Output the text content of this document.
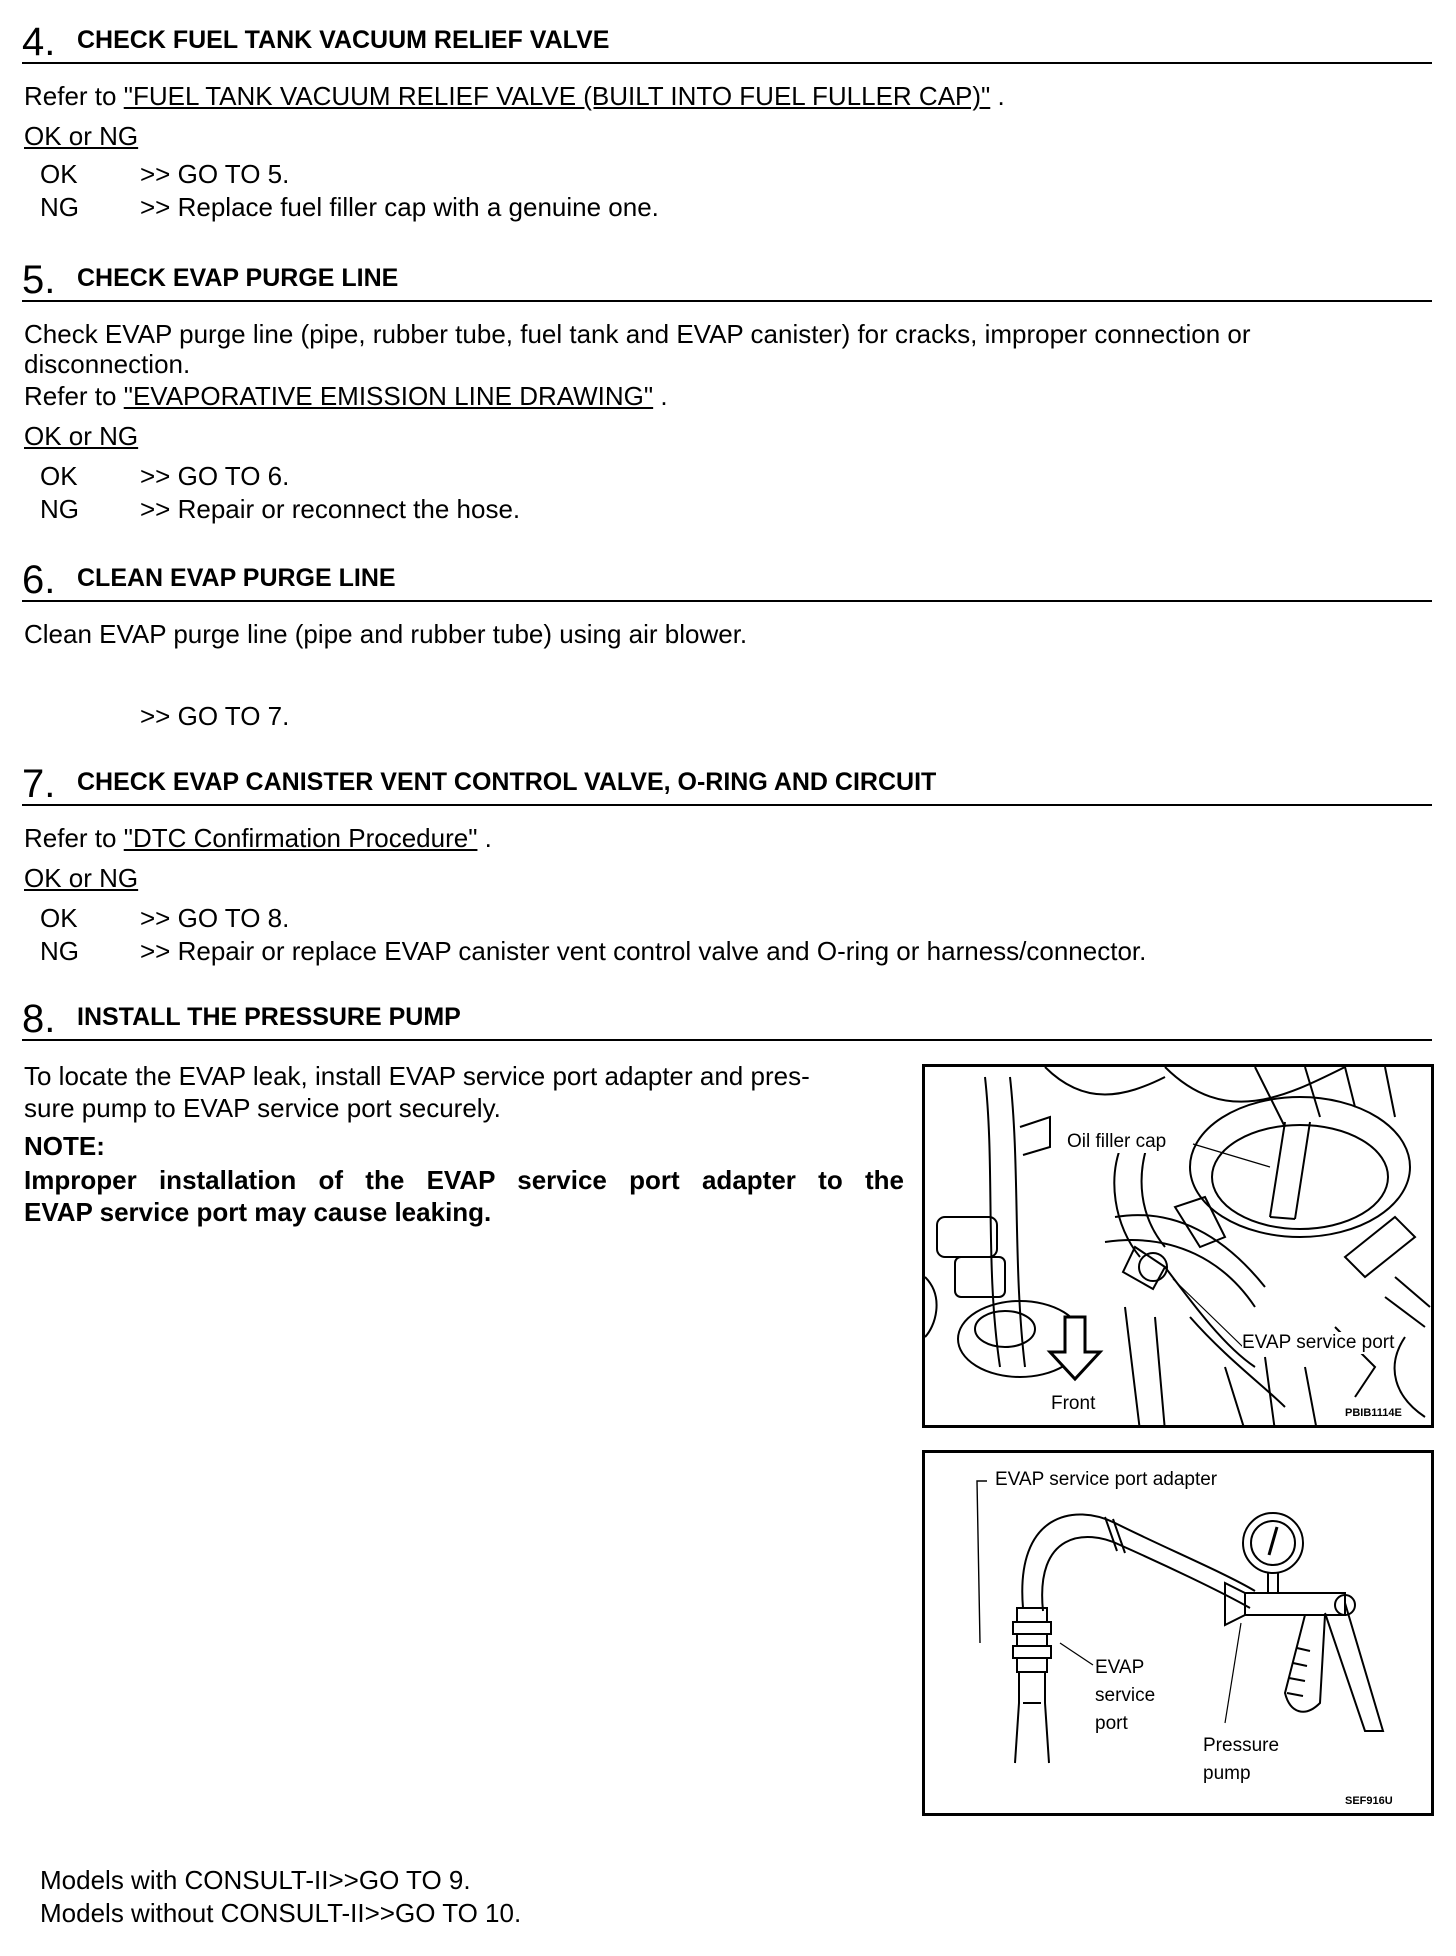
4. CHECK FUEL TANK VACUUM RELIEF VALVE
Refer to "FUEL TANK VACUUM RELIEF VALVE (BUILT INTO FUEL FULLER CAP)" .
OK or NG
OK >> GO TO 5.
NG >> Replace fuel filler cap with a genuine one.
5. CHECK EVAP PURGE LINE
Check EVAP purge line (pipe, rubber tube, fuel tank and EVAP canister) for cracks, improper connection or
disconnection.
Refer to "EVAPORATIVE EMISSION LINE DRAWING" .
OK or NG
OK >> GO TO 6.
NG >> Repair or reconnect the hose.
6. CLEAN EVAP PURGE LINE
Clean EVAP purge line (pipe and rubber tube) using air blower.
>> GO TO 7.
7. CHECK EVAP CANISTER VENT CONTROL VALVE, O-RING AND CIRCUIT
Refer to "DTC Confirmation Procedure" .
OK or NG
OK >> GO TO 8.
NG >> Repair or replace EVAP canister vent control valve and O-ring or harness/connector.
8. INSTALL THE PRESSURE PUMP
To locate the EVAP leak, install EVAP service port adapter and pres-
sure pump to EVAP service port securely.
NOTE:
Improper installation of the EVAP service port adapter to the
EVAP service port may cause leaking.
Oil filler cap
EVAP service port
Front	PBIB1114E
EVAP service port adapter
EVAP
service
port
Pressure
pump
SEF916U
Models with CONSULT-II>>GO TO 9.
Models without CONSULT-II>>GO TO 10.
